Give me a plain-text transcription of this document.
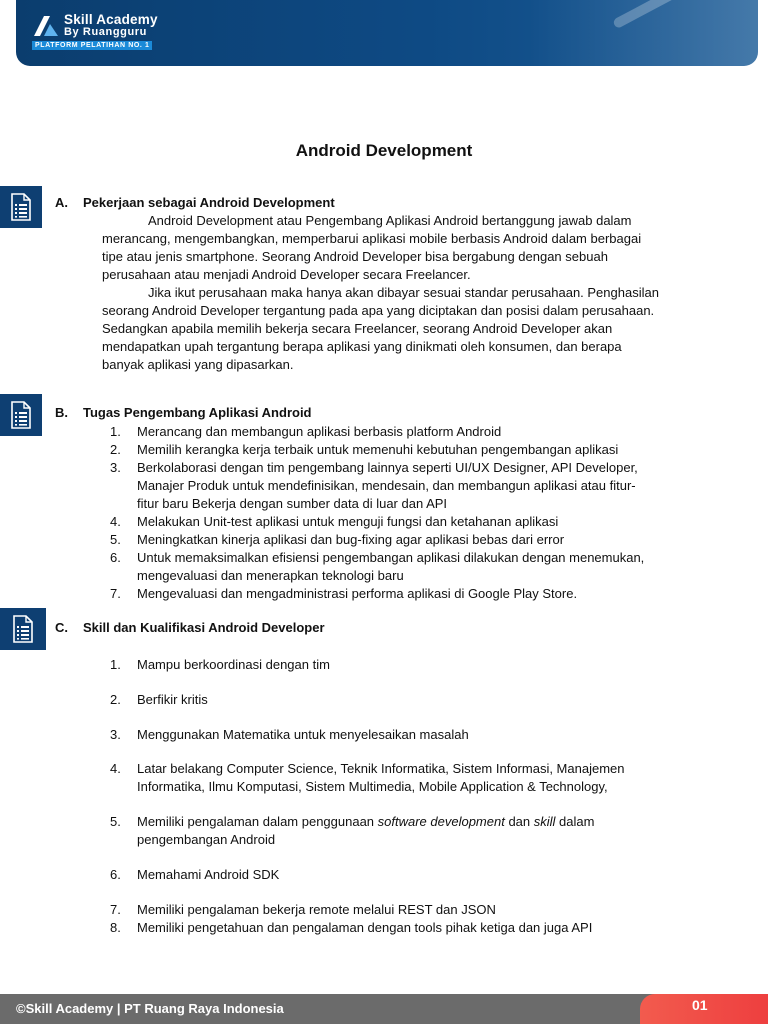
Skill Academy
By Ruangguru
PLATFORM PELATIHAN NO. 1
Android Development
A. Pekerjaan sebagai Android Development
Android Development atau Pengembang Aplikasi Android bertanggung jawab dalam
merancang, mengembangkan, memperbarui aplikasi mobile berbasis Android dalam berbagai
tipe atau jenis smartphone. Seorang Android Developer bisa bergabung dengan sebuah
perusahaan atau menjadi Android Developer secara Freelancer.
Jika ikut perusahaan maka hanya akan dibayar sesuai standar perusahaan. Penghasilan
seorang Android Developer tergantung pada apa yang diciptakan dan posisi dalam perusahaan.
Sedangkan apabila memilih bekerja secara Freelancer, seorang Android Developer akan
mendapatkan upah tergantung berapa aplikasi yang dinikmati oleh konsumen, dan berapa
banyak aplikasi yang dipasarkan.
B. Tugas Pengembang Aplikasi Android
1. Merancang dan membangun aplikasi berbasis platform Android
2. Memilih kerangka kerja terbaik untuk memenuhi kebutuhan pengembangan aplikasi
3. Berkolaborasi dengan tim pengembang lainnya seperti UI/UX Designer, API Developer,
Manajer Produk untuk mendefinisikan, mendesain, dan membangun aplikasi atau fitur-
fitur baru Bekerja dengan sumber data di luar dan API
4. Melakukan Unit-test aplikasi untuk menguji fungsi dan ketahanan aplikasi
5. Meningkatkan kinerja aplikasi dan bug-fixing agar aplikasi bebas dari error
6. Untuk memaksimalkan efisiensi pengembangan aplikasi dilakukan dengan menemukan,
mengevaluasi dan menerapkan teknologi baru
7. Mengevaluasi dan mengadministrasi performa aplikasi di Google Play Store.
C. Skill dan Kualifikasi Android Developer
1. Mampu berkoordinasi dengan tim
2. Berfikir kritis
3. Menggunakan Matematika untuk menyelesaikan masalah
4. Latar belakang Computer Science, Teknik Informatika, Sistem Informasi, Manajemen
Informatika, Ilmu Komputasi, Sistem Multimedia, Mobile Application & Technology,
5. Memiliki pengalaman dalam penggunaan software development dan skill dalam
pengembangan Android
6. Memahami Android SDK
7. Memiliki pengalaman bekerja remote melalui REST dan JSON
8. Memiliki pengetahuan dan pengalaman dengan tools pihak ketiga dan juga API
©Skill Academy | PT Ruang Raya Indonesia	01
